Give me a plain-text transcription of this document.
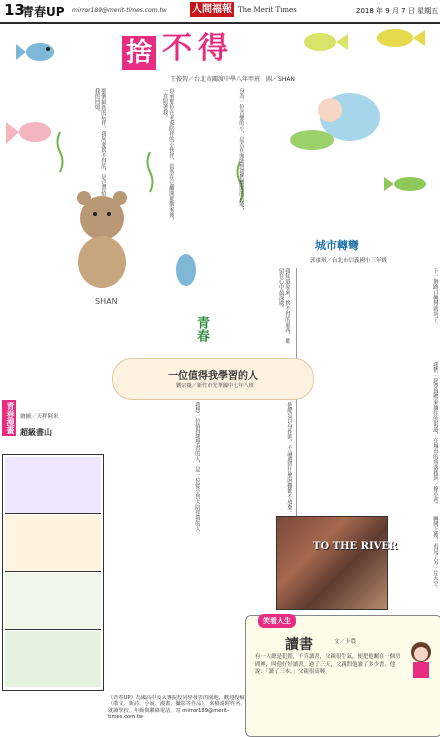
13
青春UP mirror189@merit-times.com.tw	人間福報 The Merit Times	2018 年 9 月 7 日 星期五
捨 不 得
王俊智／台北市關渡中學八年甲班　圖／SHAN
SHAN
身為一位音樂的小，是否在面臨到我們離開的可能？
以前那位在老家陪伴的小伙伴，當然在它離開那個家後，一直陪著我。
那個最初的玩伴，我所要捨不得的，是它帶給我的回憶。
我知道原來，捨不得的東西，都留在心中最深處。
城市轉彎
郭彥琪／台北市信義國小三年級
下一個路口轉彎就到了。
我們一起穿越熙來攘往的街道，在城市的角落找到一條小巷。
轉彎之後，看見了另一片天空。
青春
一位值得我學習的人
劉宗捷／新竹市光華國中七年八班
我想一位值得我學習的人，是一位從小到大陪伴我的人。	他總是以身作則，不論遇到什麼困難都不放棄。
青春漫畫 繪圖／天秤阿米
超級書山
TO THE RIVER
笑看人生
讀書	文／卡農
有一人總是犯錯，不肯讀書，父親很生氣，便把他關在一個房間裡，叫他好好讀書。過了三天，父親問他讀了多少書，他說：「讀了三本。」父親很高興。
《青春UP》為國高中及大專院校同學發表的園地，歡迎投稿（散文、新詩、小說、漫畫、攝影等作品），來稿請附姓名、就讀學校、年級與聯絡電話，寄 mirror189@merit-times.com.tw
